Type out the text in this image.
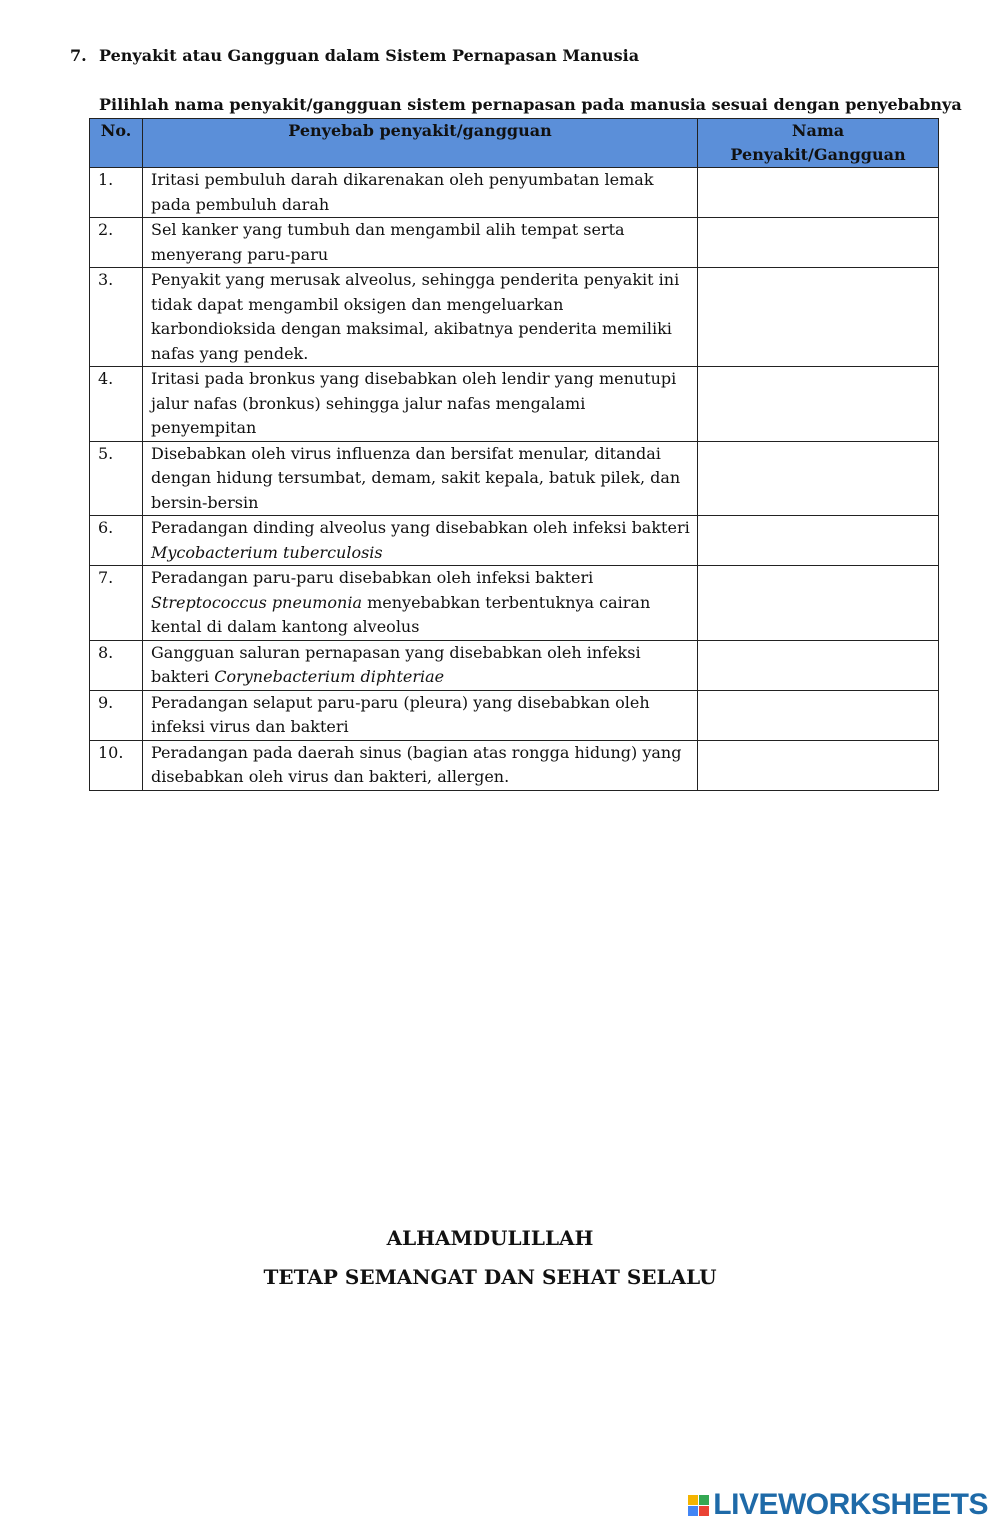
7. Penyakit atau Gangguan dalam Sistem Pernapasan Manusia
Pilihlah nama penyakit/gangguan sistem pernapasan pada manusia sesuai dengan penyebabnya
No.	Penyebab penyakit/gangguan	Nama Penyakit/Gangguan
1.	Iritasi pembuluh darah dikarenakan oleh penyumbatan lemak pada pembuluh darah	
2.	Sel kanker yang tumbuh dan mengambil alih tempat serta menyerang paru-paru	
3.	Penyakit yang merusak alveolus, sehingga penderita penyakit ini tidak dapat mengambil oksigen dan mengeluarkan karbondioksida dengan maksimal, akibatnya penderita memiliki nafas yang pendek.	
4.	Iritasi pada bronkus yang disebabkan oleh lendir yang menutupi jalur nafas (bronkus) sehingga jalur nafas mengalami penyempitan	
5.	Disebabkan oleh virus influenza dan bersifat menular, ditandai dengan hidung tersumbat, demam, sakit kepala, batuk pilek, dan bersin-bersin	
6.	Peradangan dinding alveolus yang disebabkan oleh infeksi bakteri Mycobacterium tuberculosis	
7.	Peradangan paru-paru disebabkan oleh infeksi bakteri Streptococcus pneumonia menyebabkan terbentuknya cairan kental di dalam kantong alveolus	
8.	Gangguan saluran pernapasan yang disebabkan oleh infeksi bakteri Corynebacterium diphteriae	
9.	Peradangan selaput paru-paru (pleura) yang disebabkan oleh infeksi virus dan bakteri	
10.	Peradangan pada daerah sinus (bagian atas rongga hidung) yang disebabkan oleh virus dan bakteri, allergen.	
ALHAMDULILLAH
TETAP SEMANGAT DAN SEHAT SELALU
LIVEWORKSHEETS
